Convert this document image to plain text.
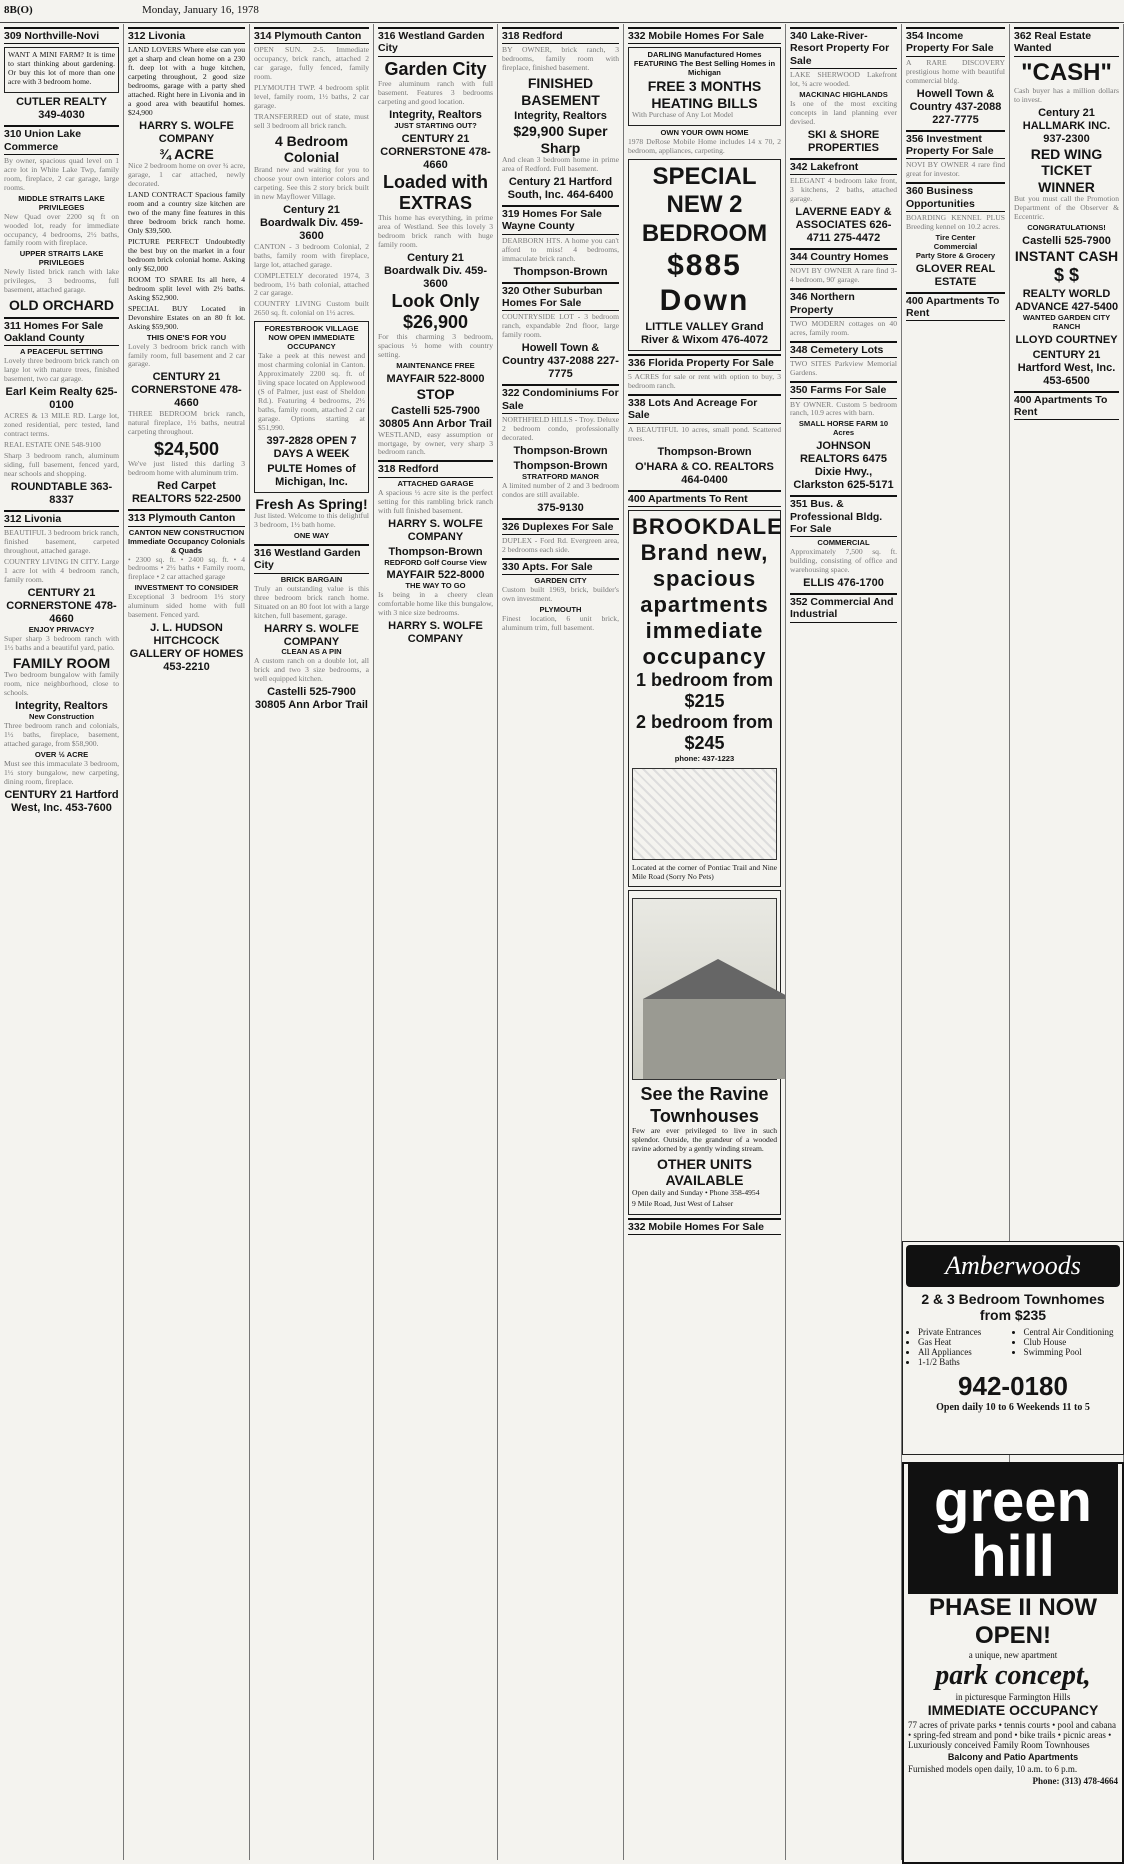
8B(O)	Monday, January 16, 1978
309 Northville-Novi

WANT A MINI FARM? It is time to start thinking about gardening. Or buy this lot of more than one acre with 3 bedroom home.

CUTLER REALTY 349-4030
310 Union Lake Commerce

By owner, spacious quad level on 1 acre lot in White Lake Twp, family room, fireplace, 2 car garage, large rooms.

MIDDLE STRAITS LAKE PRIVILEGES

New Quad over 2200 sq ft on wooded lot, ready for immediate occupancy, 4 bedrooms, 2½ baths, family room with fireplace.

UPPER STRAITS LAKE PRIVILEGES

Newly listed brick ranch with lake privileges, 3 bedrooms, full basement, attached garage.

OLD ORCHARD
311 Homes For Sale Oakland County
A PEACEFUL SETTING

Lovely three bedroom brick ranch on large lot with mature trees, finished basement, two car garage.

Earl Keim Realty 625-0100

ACRES & 13 MILE RD. Large lot, zoned residential, perc tested, land contract terms.

REAL ESTATE ONE 548-9100

Sharp 3 bedroom ranch, aluminum siding, full basement, fenced yard, near schools and shopping.

ROUNDTABLE 363-8337
312 Livonia

BEAUTIFUL 3 bedroom brick ranch, finished basement, carpeted throughout, attached garage.

COUNTRY LIVING IN CITY. Large 1 acre lot with 4 bedroom ranch, family room.

CENTURY 21 CORNERSTONE 478-4660
ENJOY PRIVACY?

Super sharp 3 bedroom ranch with 1½ baths and a beautiful yard, patio.

FAMILY ROOM

Two bedroom bungalow with family room, nice neighborhood, close to schools.

Integrity, Realtors
New Construction

Three bedroom ranch and colonials, 1½ baths, fireplace, basement, attached garage, from $58,900.

OVER ½ ACRE

Must see this immaculate 3 bedroom, 1½ story bungalow, new carpeting, dining room, fireplace.

CENTURY 21 Hartford West, Inc. 453-7600
312 Livonia

LAND LOVERS Where else can you get a sharp and clean home on a 230 ft. deep lot with a huge kitchen, carpeting throughout, 2 good size bedrooms, garage with a party shed attached. Right here in Livonia and in a good area with beautiful homes. $24,900

HARRY S. WOLFE COMPANY
¾ ACRE

Nice 2 bedroom home on over ¾ acre, garage, 1 car attached, newly decorated.

LAND CONTRACT Spacious family room and a country size kitchen are two of the many fine features in this three bedroom brick ranch home. Only $39,500.

PICTURE PERFECT Undoubtedly the best buy on the market in a four bedroom brick colonial home. Asking only $62,000

ROOM TO SPARE Its all here, 4 bedroom split level with 2½ baths. Asking $52,900.

SPECIAL BUY Located in Devonshire Estates on an 80 ft lot. Asking $59,900.

THIS ONE'S FOR YOU

Lovely 3 bedroom brick ranch with family room, full basement and 2 car garage.

CENTURY 21 CORNERSTONE 478-4660

THREE BEDROOM brick ranch, natural fireplace, 1½ baths, neutral carpeting throughout.

$24,500

We've just listed this darling 3 bedroom home with aluminum trim.

Red Carpet REALTORS 522-2500
313 Plymouth Canton
CANTON NEW CONSTRUCTION Immediate Occupancy Colonials & Quads

• 2300 sq. ft. • 2400 sq. ft. • 4 bedrooms • 2½ baths • Family room, fireplace • 2 car attached garage

INVESTMENT TO CONSIDER

Exceptional 3 bedroom 1½ story aluminum sided home with full basement. Fenced yard.

J. L. HUDSON HITCHCOCK GALLERY OF HOMES 453-2210
314 Plymouth Canton

OPEN SUN. 2-5. Immediate occupancy, brick ranch, attached 2 car garage, fully fenced, family room.

PLYMOUTH TWP. 4 bedroom split level, family room, 1½ baths, 2 car garage.

TRANSFERRED out of state, must sell 3 bedroom all brick ranch.

4 Bedroom Colonial

Brand new and waiting for you to choose your own interior colors and carpeting. See this 2 story brick built in new Mayflower Village.

Century 21 Boardwalk Div. 459-3600

CANTON - 3 bedroom Colonial, 2 baths, family room with fireplace, large lot, attached garage.

COMPLETELY decorated 1974, 3 bedroom, 1½ bath colonial, attached 2 car garage.

COUNTRY LIVING Custom built 2650 sq. ft. colonial on 1½ acres.

FORESTBROOK VILLAGE NOW OPEN IMMEDIATE OCCUPANCY

Take a peek at this newest and most charming colonial in Canton. Approximately 2200 sq. ft. of living space located on Applewood (S of Palmer, just east of Sheldon Rd.). Featuring 4 bedrooms, 2½ baths, family room, attached 2 car garage. Options starting at $51,990.

397-2828 OPEN 7 DAYS A WEEK
PULTE Homes of Michigan, Inc.
Fresh As Spring!

Just listed. Welcome to this delightful 3 bedroom, 1½ bath home.

ONE WAY
316 Westland Garden City
BRICK BARGAIN

Truly an outstanding value is this three bedroom brick ranch home. Situated on an 80 foot lot with a large kitchen, full basement, garage.

HARRY S. WOLFE COMPANY
CLEAN AS A PIN

A custom ranch on a double lot, all brick and two 3 size bedrooms, a well equipped kitchen.

Castelli 525-7900 30805 Ann Arbor Trail
316 Westland Garden City
Garden City

Free aluminum ranch with full basement. Features 3 bedrooms carpeting and good location.

Integrity, Realtors
JUST STARTING OUT?
CENTURY 21 CORNERSTONE 478-4660
Loaded with EXTRAS

This home has everything, in prime area of Westland. See this lovely 3 bedroom brick ranch with huge family room.

Century 21 Boardwalk Div. 459-3600
Look Only $26,900

For this charming 3 bedroom, spacious ½ home with country setting.

MAINTENANCE FREE
MAYFAIR 522-8000
STOP
Castelli 525-7900 30805 Ann Arbor Trail

WESTLAND, easy assumption or mortgage, by owner, very sharp 3 bedroom ranch.

318 Redford
ATTACHED GARAGE

A spacious ½ acre site is the perfect setting for this rambling brick ranch with full finished basement.

HARRY S. WOLFE COMPANY
Thompson-Brown
REDFORD Golf Course View
MAYFAIR 522-8000
THE WAY TO GO

Is being in a cheery clean comfortable home like this bungalow, with 3 nice size bedrooms.

HARRY S. WOLFE COMPANY
318 Redford

BY OWNER, brick ranch, 3 bedrooms, family room with fireplace, finished basement.

FINISHED BASEMENT
Integrity, Realtors
$29,900 Super Sharp

And clean 3 bedroom home in prime area of Redford. Full basement.

Century 21 Hartford South, Inc. 464-6400
319 Homes For Sale Wayne County

DEARBORN HTS. A home you can't afford to miss! 4 bedrooms, immaculate brick ranch.

Thompson-Brown
320 Other Suburban Homes For Sale

COUNTRYSIDE LOT - 3 bedroom ranch, expandable 2nd floor, large family room.

Howell Town & Country 437-2088 227-7775
322 Condominiums For Sale

NORTHFIELD HILLS - Troy. Deluxe 2 bedroom condo, professionally decorated.

Thompson-Brown
Thompson-Brown
STRATFORD MANOR

A limited number of 2 and 3 bedroom condos are still available.

375-9130
326 Duplexes For Sale

DUPLEX - Ford Rd. Evergreen area, 2 bedrooms each side.

330 Apts. For Sale
GARDEN CITY

Custom built 1969, brick, builder's own investment.

PLYMOUTH

Finest location, 6 unit brick, aluminum trim, full basement.

332 Mobile Homes For Sale
DARLING Manufactured Homes FEATURING The Best Selling Homes in Michigan
FREE 3 MONTHS HEATING BILLS

With Purchase of Any Lot Model

OWN YOUR OWN HOME

1978 DeRose Mobile Home includes 14 x 70, 2 bedroom, appliances, carpeting.

SPECIAL NEW 2 BEDROOM
$885 Down
LITTLE VALLEY Grand River & Wixom 476-4072
336 Florida Property For Sale

5 ACRES for sale or rent with option to buy, 3 bedroom ranch.

338 Lots And Acreage For Sale

A BEAUTIFUL 10 acres, small pond. Scattered trees.

Thompson-Brown
O'HARA & CO. REALTORS 464-0400
400 Apartments To Rent
BROOKDALE Brand new, spacious apartments immediate occupancy
1 bedroom from $215
2 bedroom from $245
phone: 437-1223

Located at the corner of Pontiac Trail and Nine Mile Road (Sorry No Pets)

See the Ravine Townhouses

Few are ever privileged to live in such splendor. Outside, the grandeur of a wooded ravine adorned by a gently winding stream.

OTHER UNITS AVAILABLE

Open daily and Sunday • Phone 358-4954

9 Mile Road, Just West of Lahser

332 Mobile Homes For Sale
340 Lake-River-Resort Property For Sale

LAKE SHERWOOD Lakefront lot, ¾ acre wooded.

MACKINAC HIGHLANDS

Is one of the most exciting concepts in land planning ever devised.

SKI & SHORE PROPERTIES
342 Lakefront

ELEGANT 4 bedroom lake front, 3 kitchens, 2 baths, attached garage.

LAVERNE EADY & ASSOCIATES 626-4711 275-4472
344 Country Homes

NOVI BY OWNER A rare find 3-4 bedroom, 90' garage.

346 Northern Property

TWO MODERN cottages on 40 acres, family room.

348 Cemetery Lots

TWO SITES Parkview Memorial Gardens.

350 Farms For Sale

BY OWNER. Custom 5 bedroom ranch, 10.9 acres with barn.

SMALL HORSE FARM 10 Acres
JOHNSON REALTORS 6475 Dixie Hwy., Clarkston 625-5171
351 Bus. & Professional Bldg. For Sale
COMMERCIAL

Approximately 7,500 sq. ft. building, consisting of office and warehousing space.

ELLIS 476-1700
352 Commercial And Industrial
354 Income Property For Sale

A RARE DISCOVERY prestigious home with beautiful commercial bldg.

Howell Town & Country 437-2088 227-7775
356 Investment Property For Sale

NOVI BY OWNER 4 rare find great for investor.

360 Business Opportunities

BOARDING KENNEL PLUS Breeding kennel on 10.2 acres.

Tire Center
Commercial
Party Store & Grocery
GLOVER REAL ESTATE
400 Apartments To Rent
362 Real Estate Wanted
"CASH"

Cash buyer has a million dollars to invest.

Century 21 HALLMARK INC. 937-2300
RED WING TICKET WINNER

But you must call the Promotion Department of the Observer & Eccentric.

CONGRATULATIONS!
Castelli 525-7900
INSTANT CASH
$ $
REALTY WORLD ADVANCE 427-5400
WANTED GARDEN CITY RANCH
LLOYD COURTNEY
CENTURY 21 Hartford West, Inc. 453-6500
400 Apartments To Rent
Amberwoods
2 & 3 Bedroom Townhomes from $235
• Private Entrances
• Gas Heat
• All Appliances
• 1-1/2 Baths
• Central Air Conditioning
• Club House
• Swimming Pool
942-0180
Open daily 10 to 6 Weekends 11 to 5
green hill
PHASE II NOW OPEN!
a unique, new apartment
park concept,
in picturesque Farmington Hills
IMMEDIATE OCCUPANCY

77 acres of private parks • tennis courts • pool and cabana • spring-fed stream and pond • bike trails • picnic areas • Luxuriously conceived Family Room Townhouses

Balcony and Patio Apartments

Furnished models open daily, 10 a.m. to 6 p.m.

Phone: (313) 478-4664
